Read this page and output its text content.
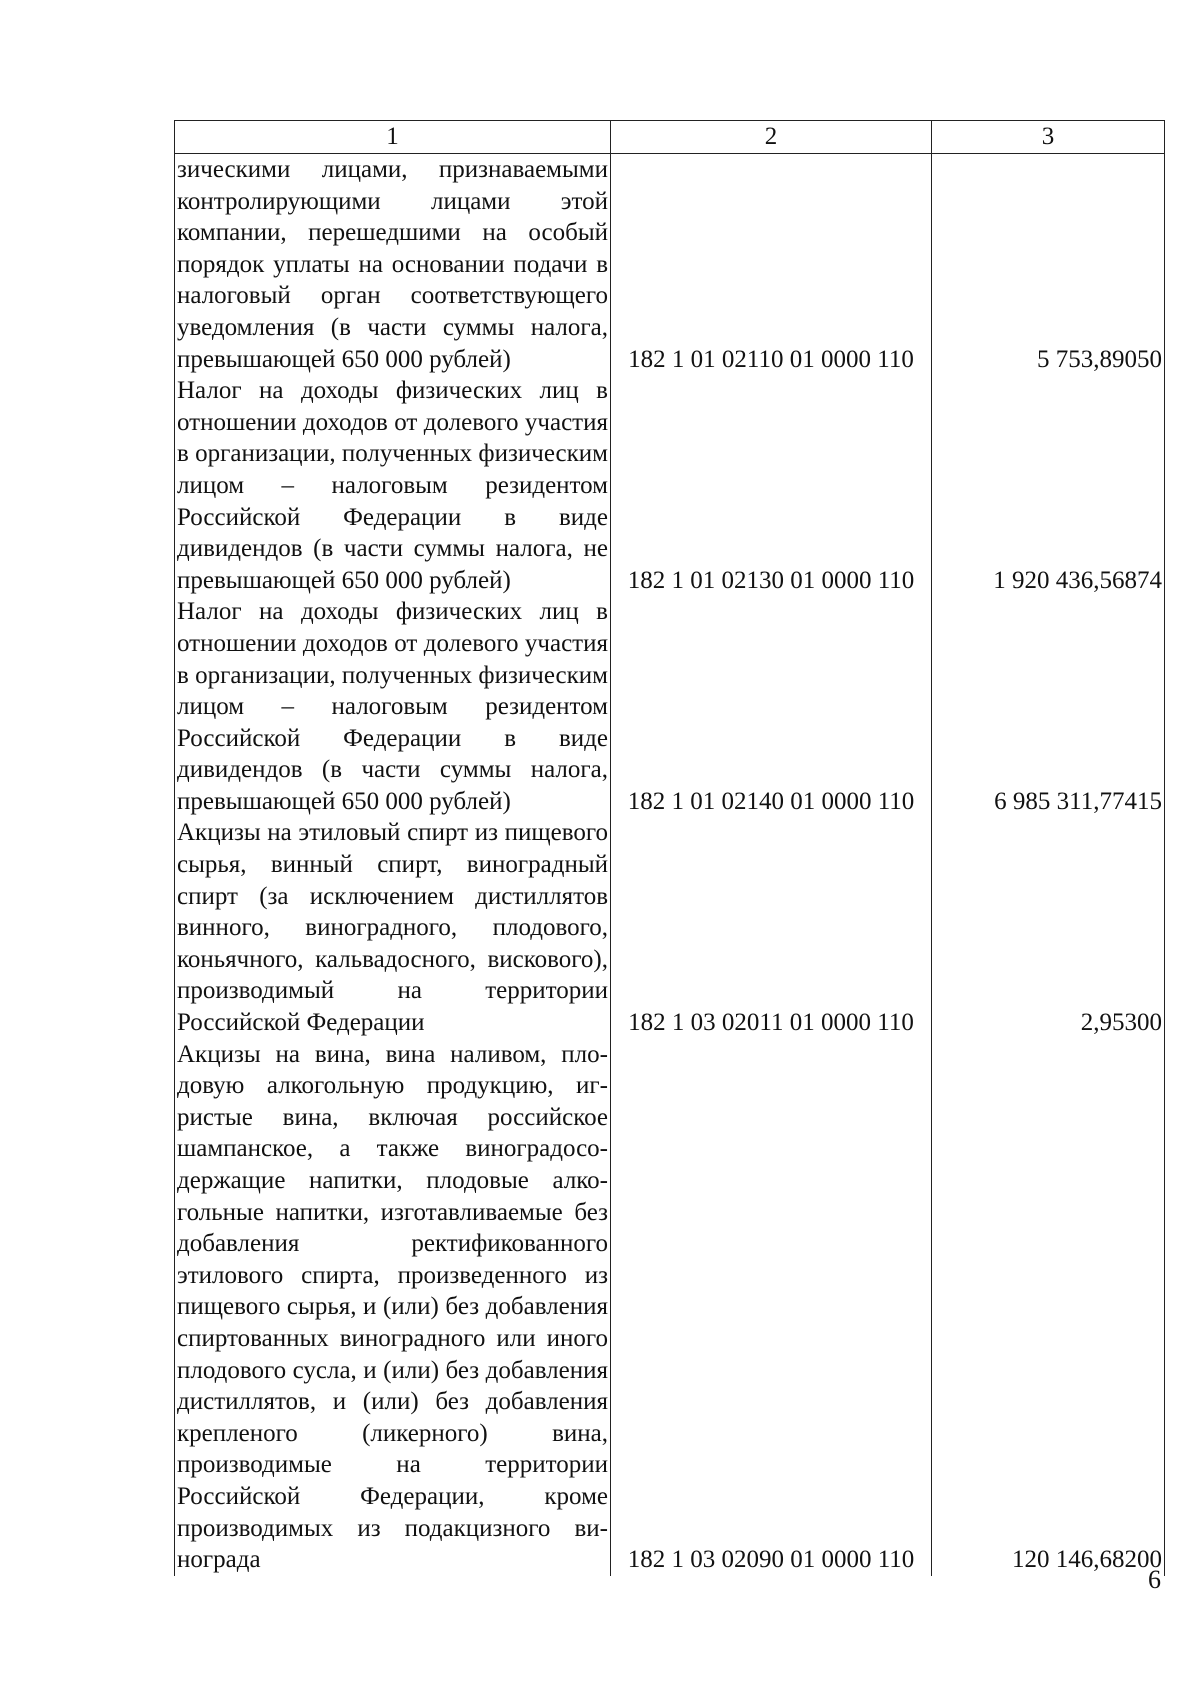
1	2	3
зическими лицами, признаваемыми контролирующими лицами этой компании, перешедшими на особый порядок уплаты на основании подачи в налоговый орган соответствующего уведомления (в части суммы налога, превышающей 650 000 рублей)	182 1 01 02110 01 0000 110	5 753,89050
Налог на доходы физических лиц в отношении доходов от долевого участия в организации, полученных физическим лицом – налоговым резидентом Российской Федерации в виде дивидендов (в части суммы налога, не превышающей 650 000 рублей)	182 1 01 02130 01 0000 110	1 920 436,56874
Налог на доходы физических лиц в отношении доходов от долевого участия в организации, полученных физическим лицом – налоговым резидентом Российской Федерации в виде дивидендов (в части суммы налога, превышающей 650 000 рублей)	182 1 01 02140 01 0000 110	6 985 311,77415
Акцизы на этиловый спирт из пищевого сырья, винный спирт, виноградный спирт (за исключением дистиллятов винного, виноградного, плодового, коньячного, кальвадосного, вискового), производимый на территории Российской Федерации	182 1 03 02011 01 0000 110	2,95300
Акцизы на вина, вина наливом, плодовую алкогольную продукцию, игристые вина, включая российское шампанское, а также виноградосодержащие напитки, плодовые алкогольные напитки, изготавливаемые без добавления ректификованного этилового спирта, произведенного из пищевого сырья, и (или) без добавления спиртованных виноградного или иного плодового сусла, и (или) без добавления дистиллятов, и (или) без добавления крепленого (ликерного) вина, производимые на территории Российской Федерации, кроме производимых из подакцизного винограда	182 1 03 02090 01 0000 110	120 146,68200
6
